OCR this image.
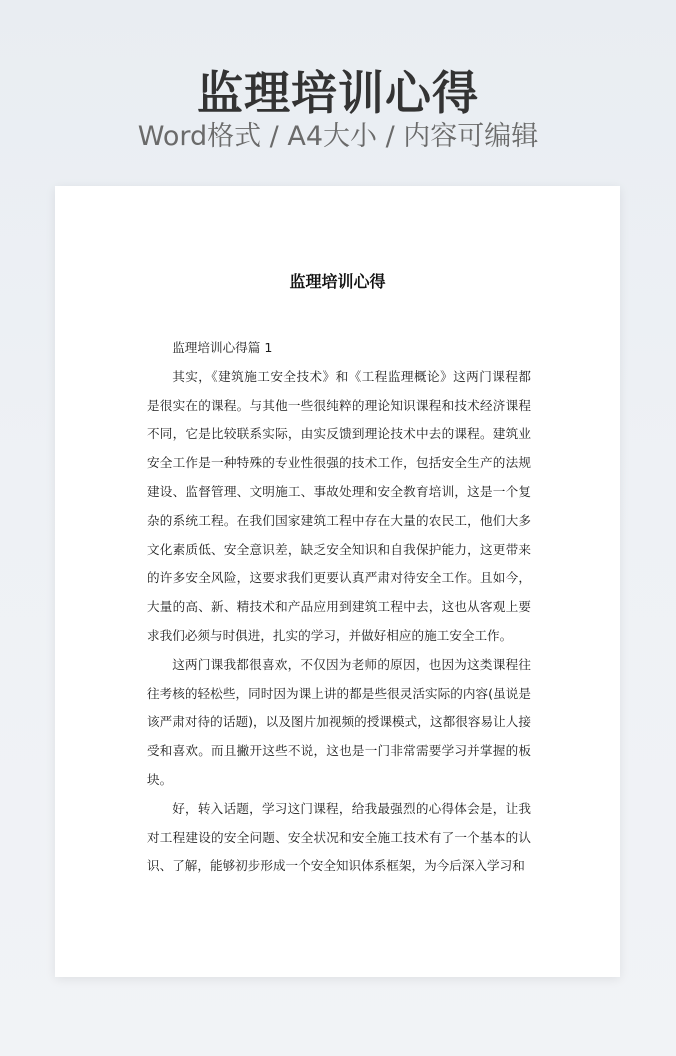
监理培训心得
Word格式 / A4大小 / 内容可编辑
监理培训心得

监理培训心得篇 1

其实，《建筑施工安全技术》和《工程监理概论》这两门课程都是很实在的课程。与其他一些很纯粹的理论知识课程和技术经济课程不同，它是比较联系实际，由实反馈到理论技术中去的课程。建筑业安全工作是一种特殊的专业性很强的技术工作，包括安全生产的法规建设、监督管理、文明施工、事故处理和安全教育培训，这是一个复杂的系统工程。在我们国家建筑工程中存在大量的农民工，他们大多文化素质低、安全意识差，缺乏安全知识和自我保护能力，这更带来的许多安全风险，这要求我们更要认真严肃对待安全工作。且如今，大量的高、新、精技术和产品应用到建筑工程中去，这也从客观上要求我们必须与时俱进，扎实的学习，并做好相应的施工安全工作。

这两门课我都很喜欢，不仅因为老师的原因，也因为这类课程往往考核的轻松些，同时因为课上讲的都是些很灵活实际的内容(虽说是该严肃对待的话题)，以及图片加视频的授课模式，这都很容易让人接受和喜欢。而且撇开这些不说，这也是一门非常需要学习并掌握的板块。

好，转入话题，学习这门课程，给我最强烈的心得体会是，让我对工程建设的安全问题、安全状况和安全施工技术有了一个基本的认识、了解，能够初步形成一个安全知识体系框架，为今后深入学习和
